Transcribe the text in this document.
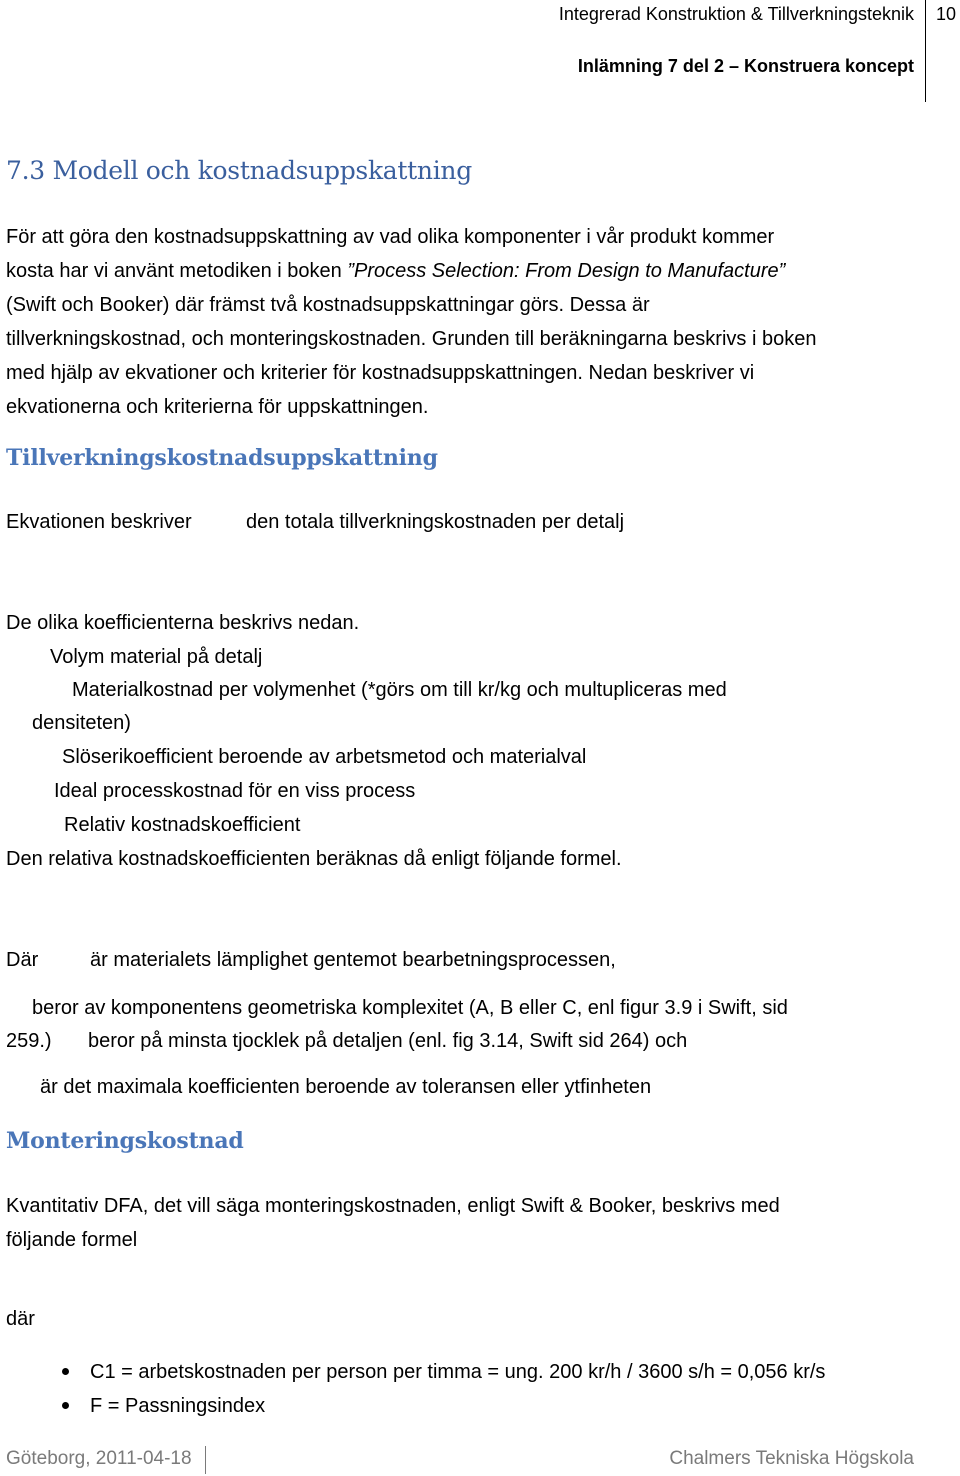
Integrerad Konstruktion & Tillverkningsteknik
Inlämning 7 del 2 – Konstruera koncept
10
7.3 Modell och kostnadsuppskattning

För att göra den kostnadsuppskattning av vad olika komponenter i vår produkt kommer

kosta har vi använt metodiken i boken ”Process Selection: From Design to Manufacture”

(Swift och Booker) där främst två kostnadsuppskattningar görs. Dessa är

tillverkningskostnad, och monteringskostnaden. Grunden till beräkningarna beskrivs i boken

med hjälp av ekvationer och kriterier för kostnadsuppskattningen. Nedan beskriver vi

ekvationerna och kriterierna för uppskattningen.

Tillverkningskostnadsuppskattning
Ekvationen beskriver	den totala tillverkningskostnaden per detalj
De olika koefficienterna beskrivs nedan.
Volym material på detalj
Materialkostnad per volymenhet (*görs om till kr/kg och multupliceras med
densiteten)
Slöserikoefficient beroende av arbetsmetod och materialval
Ideal processkostnad för en viss process
Relativ kostnadskoefficient
Den relativa kostnadskoefficienten beräknas då enligt följande formel.
Där	är materialets lämplighet gentemot bearbetningsprocessen,
beror av komponentens geometriska komplexitet (A, B eller C, enl figur 3.9 i Swift, sid
259.) beror på minsta tjocklek på detaljen (enl. fig 3.14, Swift sid 264) och
är det maximala koefficienten beroende av toleransen eller ytfinheten
Monteringskostnad
Kvantitativ DFA, det vill säga monteringskostnaden, enligt Swift & Booker, beskrivs med
följande formel
där
C1 = arbetskostnaden per person per timma = ung. 200 kr/h / 3600 s/h = 0,056 kr/s
F = Passningsindex
Göteborg, 2011-04-18	Chalmers Tekniska Högskola
